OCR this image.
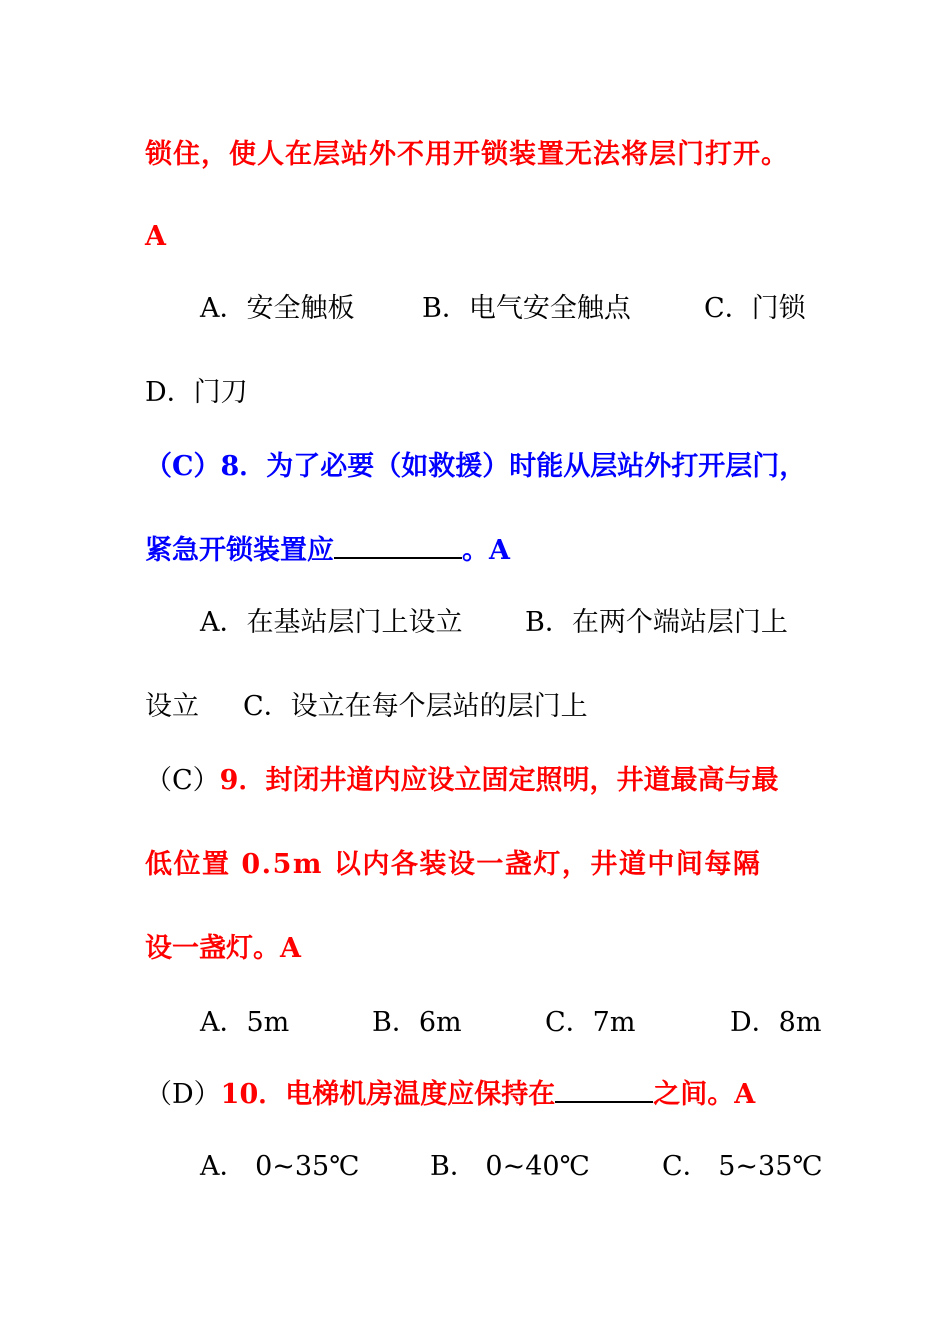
锁住，使人在层站外不用开锁装置无法将层门打开。
A
A．安全触板	B．电气安全触点	C．门锁
D．门刀
（C）8．为了必要（如救援）时能从层站外打开层门，
紧急开锁装置应	。A
A．在基站层门上设立 B．在两个端站层门上
设立 C．设立在每个层站的层门上
（C）9．封闭井道内应设立固定照明，井道最高与最
低位置 0.5m 以内各装设一盏灯，井道中间每隔
设一盏灯。A
A．5m	B．6m	C．7m	D．8m
（D）10．电梯机房温度应保持在	之间。A
A． 0~35℃	B． 0~40℃	C． 5~35℃
